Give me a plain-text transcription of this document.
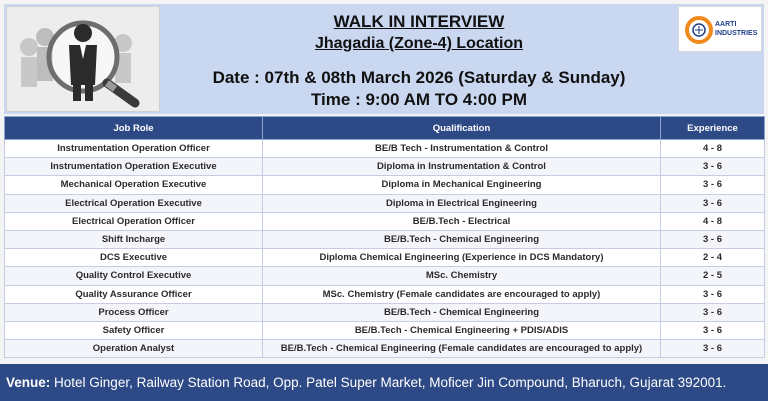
WALK IN INTERVIEW
Jhagadia (Zone-4) Location
Date : 07th & 08th March 2026 (Saturday & Sunday)
Time : 9:00 AM TO 4:00 PM
AARTI
INDUSTRIES
Job Role	Qualification	Experience
Instrumentation Operation Officer	BE/B Tech - Instrumentation & Control	4 - 8
Instrumentation Operation Executive	Diploma in Instrumentation & Control	3 - 6
Mechanical Operation Executive	Diploma in Mechanical Engineering	3 - 6
Electrical Operation Executive	Diploma in Electrical Engineering	3 - 6
Electrical Operation Officer	BE/B.Tech - Electrical	4 - 8
Shift Incharge	BE/B.Tech - Chemical Engineering	3 - 6
DCS Executive	Diploma Chemical Engineering (Experience in DCS Mandatory)	2 - 4
Quality Control Executive	MSc. Chemistry	2 - 5
Quality Assurance Officer	MSc. Chemistry (Female candidates are encouraged to apply)	3 - 6
Process Officer	BE/B.Tech - Chemical Engineering	3 - 6
Safety Officer	BE/B.Tech - Chemical Engineering + PDIS/ADIS	3 - 6
Operation Analyst	BE/B.Tech - Chemical Engineering (Female candidates are encouraged to apply)	3 - 6
Venue: Hotel Ginger, Railway Station Road, Opp. Patel Super Market, Moficer Jin Compound, Bharuch, Gujarat 392001.
